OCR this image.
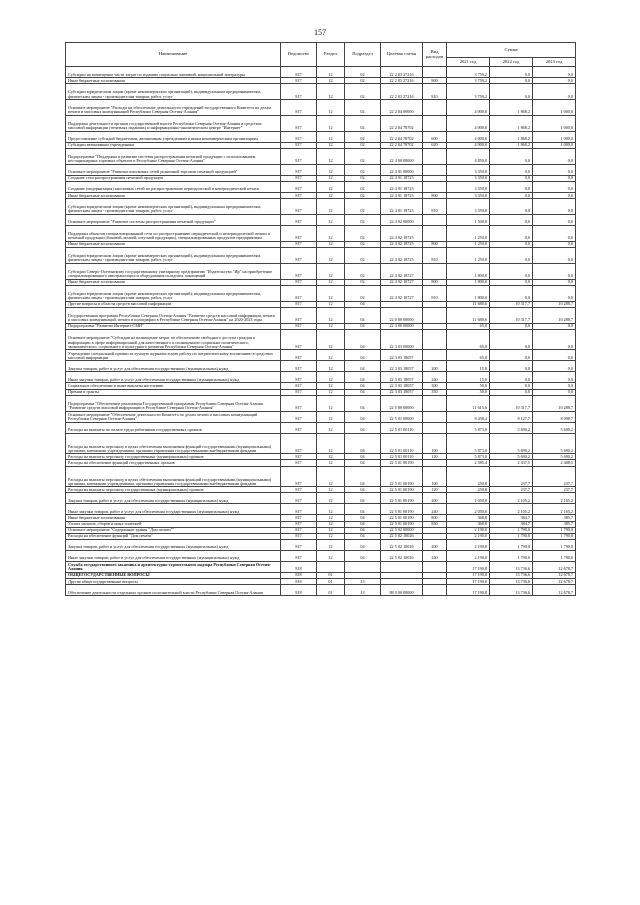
157
Наименование	Ведомство	Раздел	Подраздел	Целевая статья	Вид расходов	Сумма		
						2021 год	2022 год	2023 год
Субсидии на возмещение части затрат по изданию социально значимой, национальной литературы	817	12	02	22 2 03 27216		3 759,2	0,0	0,0
Иные бюджетные ассигнования	817	12	02	22 2 03 27216	800	3 759,2	0,0	0,0
Субсидии юридическим лицам (кроме некоммерческих организаций), индивидуальным предпринимателям, физическим лицам - производителям товаров, работ, услуг	817	12	02	22 2 03 27216	810	3 759,2	0,0	0,0
Основное мероприятие "Расходы на обеспечение деятельности учреждений государственного Комитета по делам печати и массовых коммуникаций Республики Северная Осетия-Алания"	817	12	02	22 2 04 00000		4 000,0	1 868,2	1 000,0
Поддержка деятельности органов государственной власти Республики Северная Осетия-Алания в средствах массовой информации (печатных изданиях) и информационно-аналитическом центре "Интернет"	817	12	02	22 2 04 78702		4 000,0	1 868,2	1 000,0
Предоставление субсидий бюджетным, автономным учреждениям и иным некоммерческим организациям	817	12	02	22 2 04 78702	600	4 000,0	1 868,2	1 000,0
Субсидии автономным учреждениям	817	12	02	22 2 04 78702	620	4 000,0	1 868,2	1 000,0
Подпрограмма "Поддержка и развитие системы распространения печатной продукции с использованием нестационарных торговых объектов в Республике Северная Осетия-Алания"	817	12	02	22 4 00 00000		4 850,0	0,0	0,0
Основное мероприятие "Развитие киосковых сетей розничной торговли печатной продукцией"	817	12	02	22 4 01 00000		3 350,0	0,0	0,0
Создание сети распространения печатной продукции	817	12	02	22 4 01 18723		3 350,0	0,0	0,0
Создание (модернизация) киосковых сетей по распространению периодической и непериодической печати	817	12	02	22 4 01 18723		3 350,0	0,0	0,0
Иные бюджетные ассигнования	817	12	02	22 4 01 18723	800	3 350,0	0,0	0,0
Субсидии юридическим лицам (кроме некоммерческих организаций), индивидуальным предпринимателям, физическим лицам - производителям товаров, работ, услуг	817	12	02	22 4 01 18723	810	3 350,0	0,0	0,0
Основное мероприятие "Развитие системы распространения печатной продукции"	817	12	02	22 4 02 00000		1 500,0	0,0	0,0
Поддержка объектов специализированной сети по распространению периодической и непериодической печати и печатной продукции (боковой, мелкой, штучной продукции), специализированных продуктов предприятиям	817	12	02	22 4 02 18725		1 250,0	0,0	0,0
Иные бюджетные ассигнования	817	12	02	22 4 02 18725	800	1 250,0	0,0	0,0
Субсидии юридическим лицам (кроме некоммерческих организаций), индивидуальным предпринимателям, физическим лицам - производителям товаров, работ, услуг	817	12	02	22 4 02 18725	810	1 250,0	0,0	0,0
Субсидии Северо-Осетинскому государственному унитарному предприятию "Издательство "Ир" на приобретение специализированного автотранспорта и оборудования складских помещений	817	12	02	22 4 02 18727		1 800,0	0,0	0,0
Иные бюджетные ассигнования	817	12	02	22 4 02 18727	800	1 800,0	0,0	0,0
Субсидии юридическим лицам (кроме некоммерческих организаций), индивидуальным предпринимателям, физическим лицам - производителям товаров, работ, услуг	817	12	02	22 4 02 18727	810	1 800,0	0,0	0,0
Другие вопросы в области средств массовой информации	817	12	04			11 680,6	10 317,7	10 288,7
Государственная программа Республики Северная Осетия-Алания "Развитие средств массовой информации, печати и массовых коммуникаций, печати и полиграфии в Республике Северная Осетия-Алания" на 2020-2023 годы	817	12	04	22 0 00 00000		11 680,6	10 317,7	10 288,7
Подпрограмма "Развитие Интернет-СМИ"	817	12	04	22 3 00 00000		65,0	0,0	0,0
Основное мероприятие "Субсидии на возмещение затрат по обеспечению свободного доступа граждан к информации в сфере информационной для качественного и полноценного социально-политического, экономического, социального и культурного развития Республики Северная Осетия-Алания"	817	12	04	22 3 03 00000		65,0	0,0	0,0
Учреждение специальной премии за лучшую журналистскую работу по патриотическому воспитанию в средствах массовой информации	817	12	04	22 3 03 18057		65,0	0,0	0,0
Закупка товаров, работ и услуг для обеспечения государственных (муниципальных) нужд	817	12	04	22 3 03 18057	200	15,0	0,0	0,0
Иные закупки товаров, работ и услуг для обеспечения государственных (муниципальных) нужд	817	12	04	22 3 03 18057	240	15,0	0,0	0,0
Социальное обеспечение и иные выплаты населению	817	12	04	22 3 03 18057	300	50,0	0,0	0,0
Премии и гранты	817	12	04	22 3 03 18057	350	50,0	0,0	0,0
Подпрограмма "Обеспечение реализации Государственной программы Республики Северная Осетия-Алания "Развитие средств массовой информации в Республике Северная Осетия-Алания"	817	12	04	22 5 00 00000		11 615,6	10 317,7	10 288,7
Основное мероприятие "Обеспечение деятельности Комитета по делам печати и массовых коммуникаций Республики Северная Осетия-Алания"	817	12	04	22 5 01 00000		8 458,4	8 127,7	8 098,7
Расходы на выплаты по оплате труда работников государственных органов	817	12	04	22 5 01 00110		5 873,0	5 690,2	5 690,2
Расходы на выплаты персоналу в целях обеспечения выполнения функций государственными (муниципальными) органами, казенными учреждениями, органами управления государственными внебюджетными фондами	817	12	04	22 5 01 00110	100	5 873,0	5 690,2	5 690,2
Расходы на выплаты персоналу государственных (муниципальных) органов	817	12	04	22 5 01 00110	120	5 873,0	5 690,2	5 690,2
Расходы на обеспечение функций государственных органов	817	12	04	22 5 01 00190		2 585,4	2 437,5	2 408,5
Расходы на выплаты персоналу в целях обеспечения выполнения функций государственными (муниципальными) органами, казенными учреждениями, органами управления государственными внебюджетными фондами	817	12	04	22 5 01 00190	100	250,8	237,7	237,7
Расходы на выплаты персоналу государственных (муниципальных) органов	817	12	04	22 5 01 00190	120	250,8	237,7	237,7
Закупка товаров, работ и услуг для обеспечения государственных (муниципальных) нужд	817	12	04	22 5 01 00190	200	2 050,0	2 105,2	2 165,2
Иные закупки товаров, работ и услуг для обеспечения государственных (муниципальных) нужд	817	12	04	22 5 01 00190	240	2 050,0	2 105,2	2 165,2
Иные бюджетные ассигнования	817	12	04	22 5 01 00190	800	368,8	384,7	385,7
Уплата налогов, сборов и иных платежей	817	12	04	22 5 01 00190	850	368,8	384,7	385,7
Основное мероприятие "Содержание здания "Дом печати""	817	12	04	22 5 02 00000		2 190,0	1 790,0	1 790,0
Расходы на обеспечение функций "Дом печати"	817	12	04	22 5 02 10026		2 190,0	1 790,0	1 790,0
Закупка товаров, работ и услуг для обеспечения государственных (муниципальных) нужд	817	12	04	22 5 02 10026	200	2 190,0	1 790,0	1 790,0
Иные закупки товаров, работ и услуг для обеспечения государственных (муниципальных) нужд	817	12	04	22 5 02 10026	240	2 190,0	1 790,0	1 790,0
Службa государственного заказчика и архитектурно-строительного надзора Республики Северная Осетия-Алания	818					17 190,8	13 736,6	12 678,7
ОБЩЕГОСУДАРСТВЕННЫЕ ВОПРОСЫ	818	01				17 190,8	13 736,6	12 678,7
Другие общегосударственные вопросы	818	01	13			17 190,8	13 736,6	12 678,7
Обеспечение деятельности отдельных органов исполнительной власти Республики Северная Осетия-Алания	818	01	13	88 0 00 00000		17 190,8	13 736,6	12 678,7
